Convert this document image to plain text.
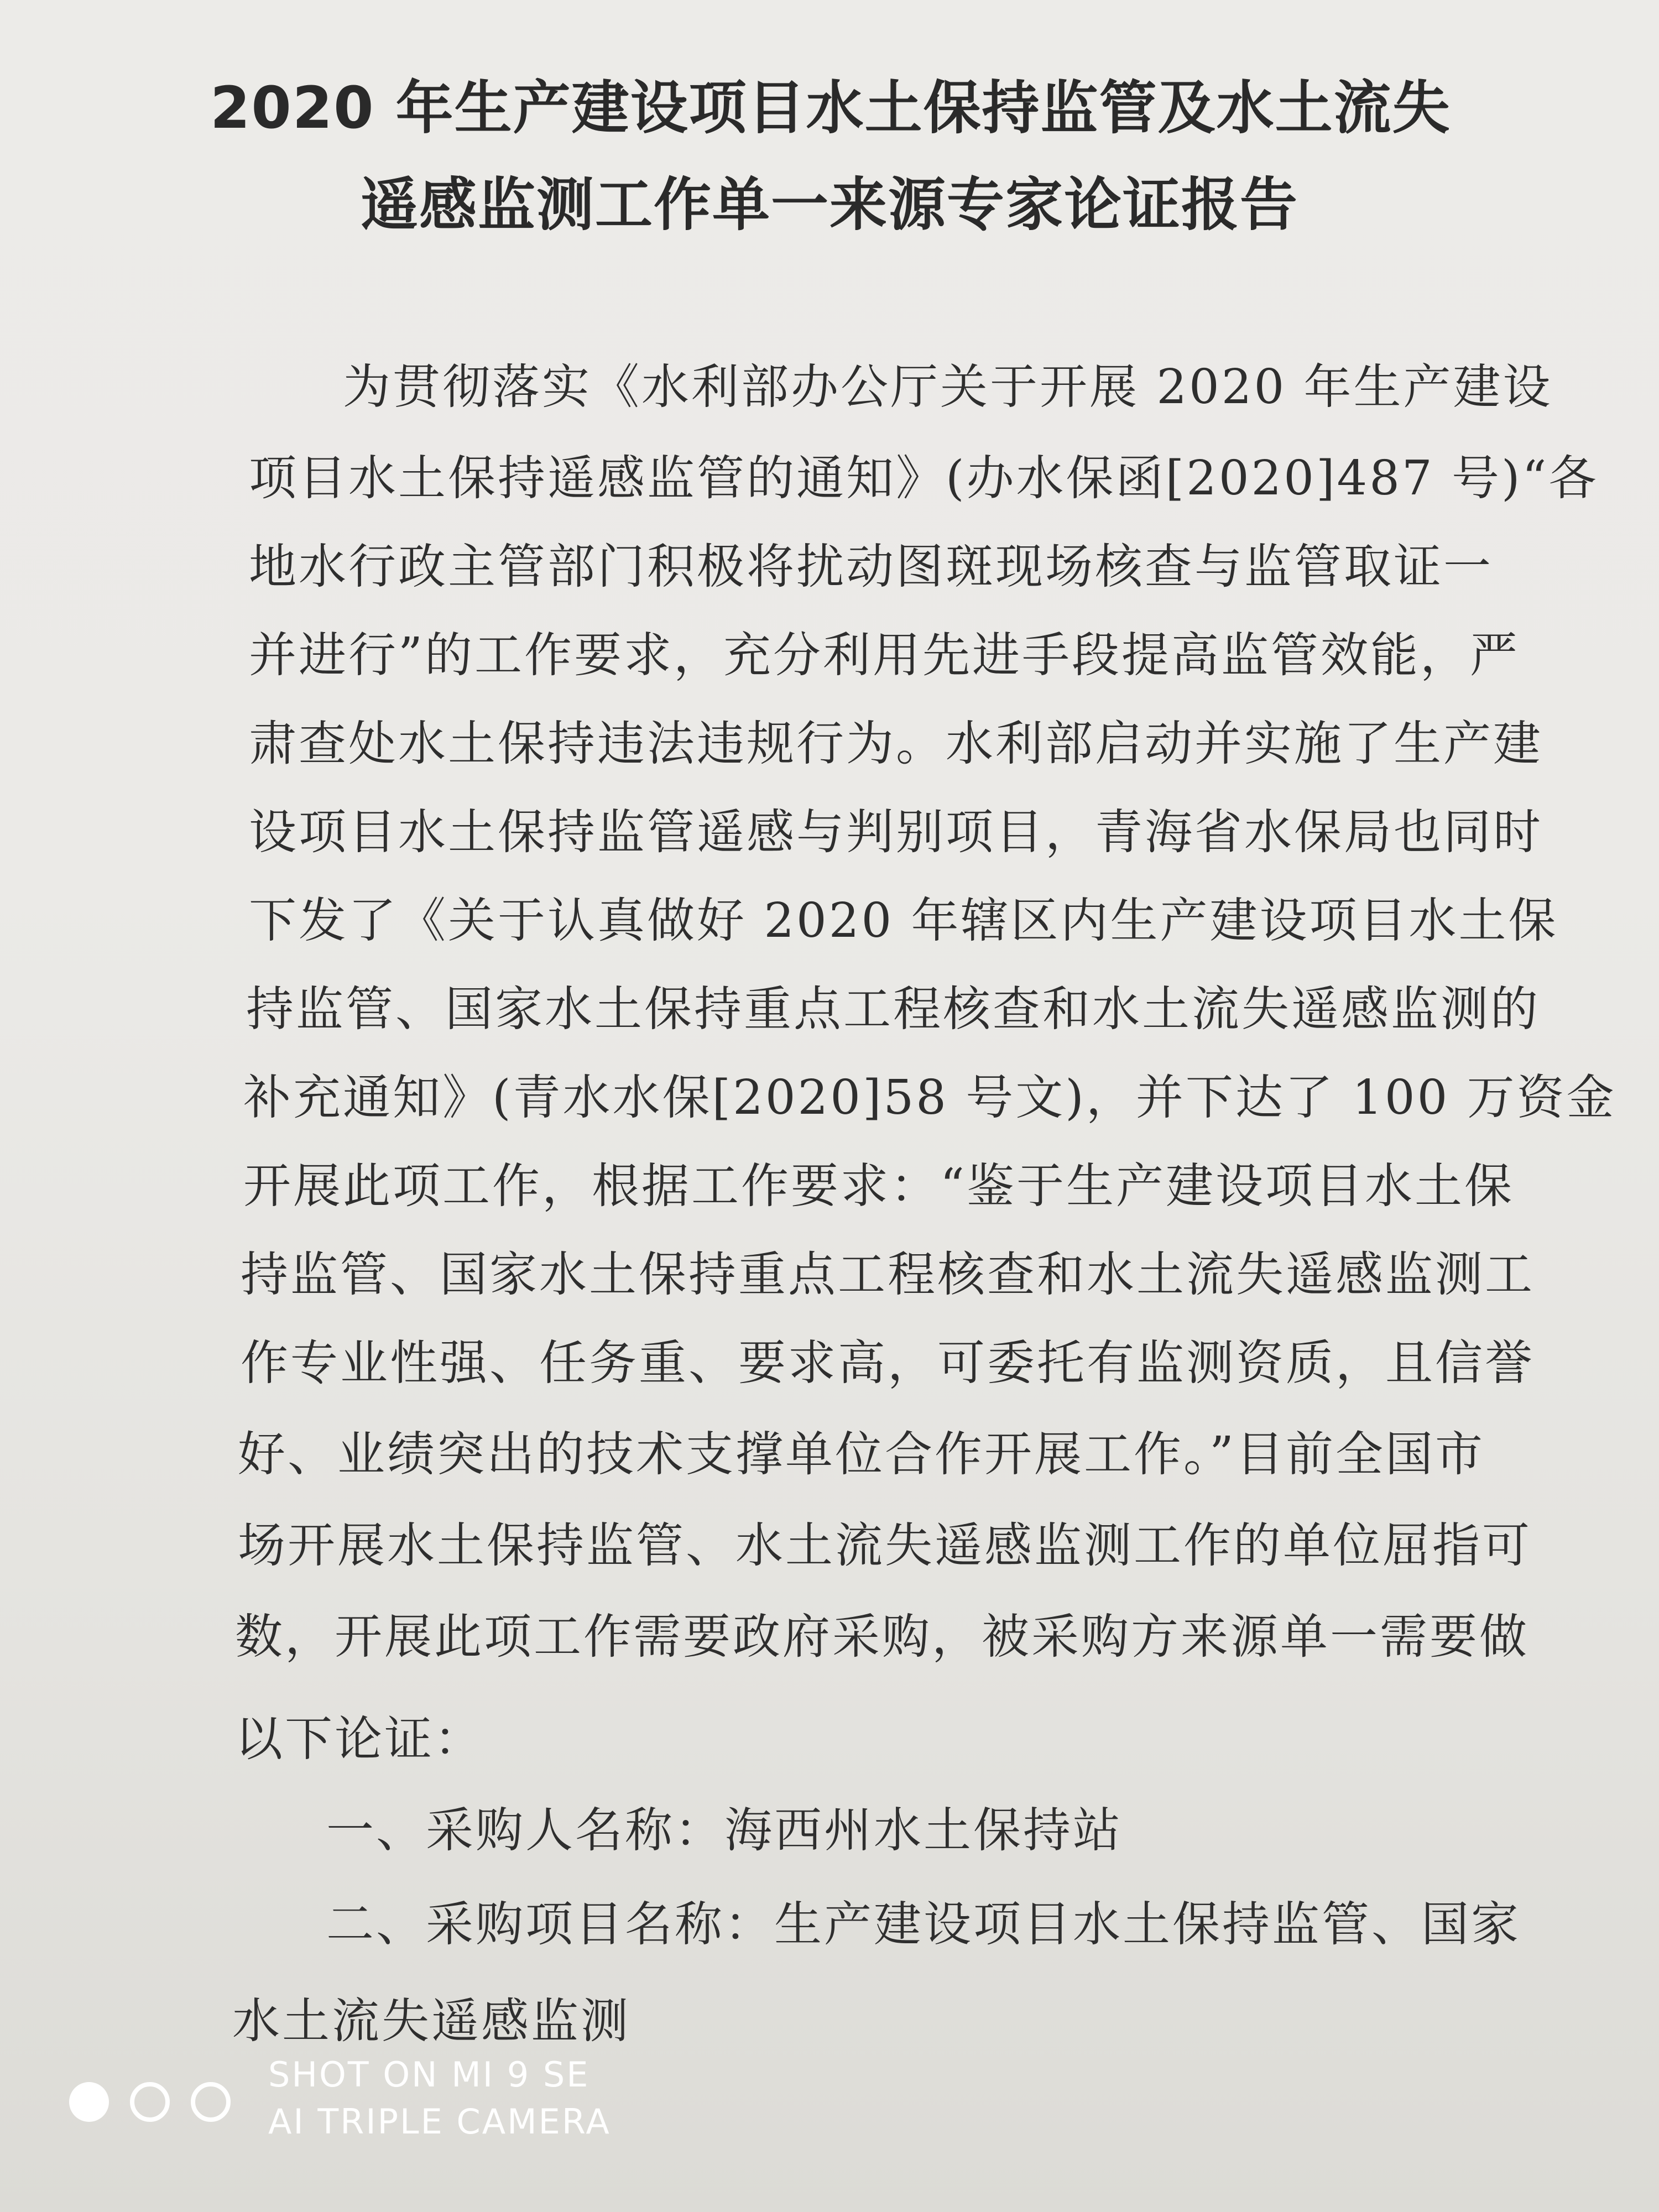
2020 年生产建设项目水土保持监管及水土流失
遥感监测工作单一来源专家论证报告
为贯彻落实《水利部办公厅关于开展 2020 年生产建设
项目水土保持遥感监管的通知》(办水保函[2020]487 号)“各
地水行政主管部门积极将扰动图斑现场核查与监管取证一
并进行”的工作要求，充分利用先进手段提高监管效能，严
肃查处水土保持违法违规行为。水利部启动并实施了生产建
设项目水土保持监管遥感与判别项目，青海省水保局也同时
下发了《关于认真做好 2020 年辖区内生产建设项目水土保
持监管、国家水土保持重点工程核查和水土流失遥感监测的
补充通知》(青水水保[2020]58 号文)，并下达了 100 万资金
开展此项工作，根据工作要求：“鉴于生产建设项目水土保
持监管、国家水土保持重点工程核查和水土流失遥感监测工
作专业性强、任务重、要求高，可委托有监测资质，且信誉
好、业绩突出的技术支撑单位合作开展工作。”目前全国市
场开展水土保持监管、水土流失遥感监测工作的单位屈指可
数，开展此项工作需要政府采购，被采购方来源单一需要做
以下论证：
一、采购人名称：海西州水土保持站
二、采购项目名称：生产建设项目水土保持监管、国家
水土流失遥感监测
SHOT ON MI 9 SE
AI TRIPLE CAMERA
